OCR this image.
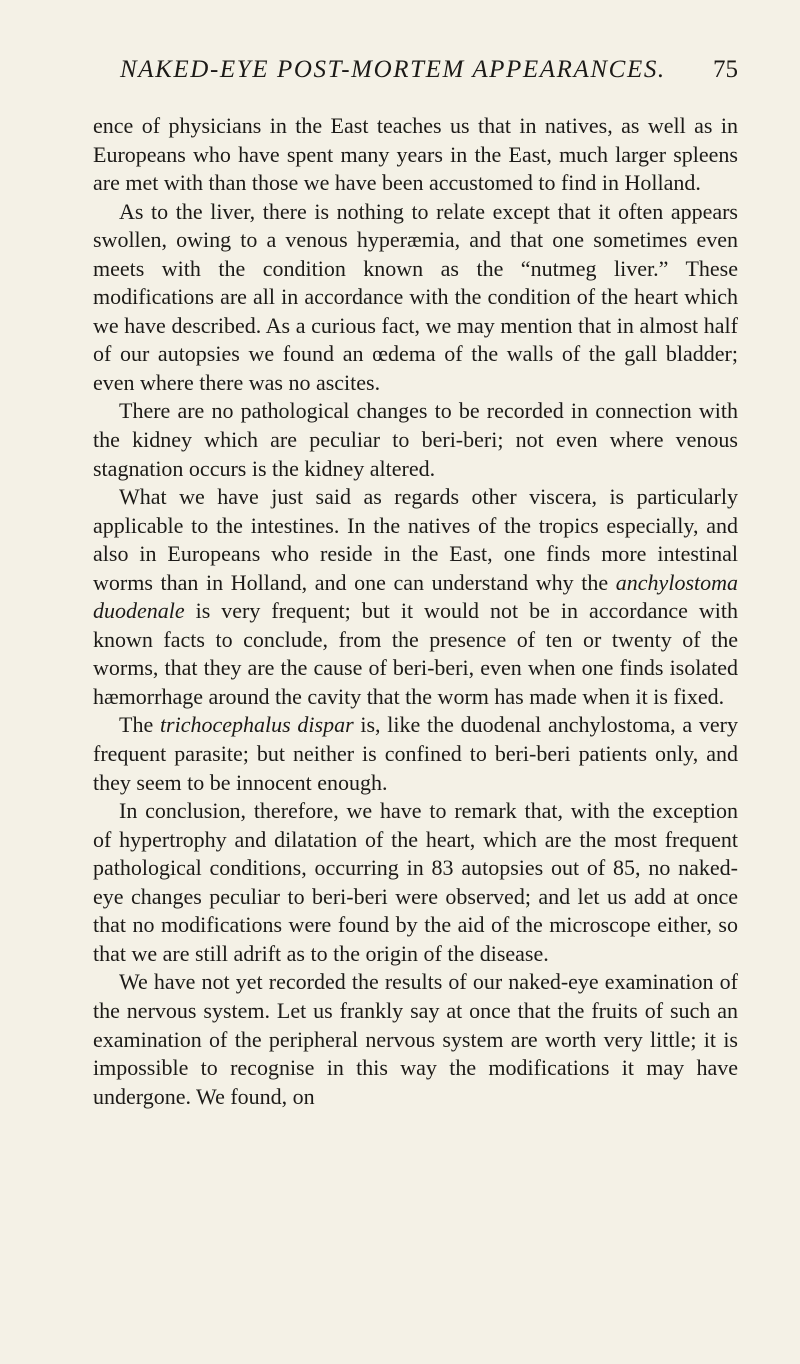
NAKED-EYE POST-MORTEM APPEARANCES. 75

ence of physicians in the East teaches us that in natives, as well as in Europeans who have spent many years in the East, much larger spleens are met with than those we have been accustomed to find in Holland.

As to the liver, there is nothing to relate except that it often appears swollen, owing to a venous hyperæmia, and that one sometimes even meets with the condition known as the “nutmeg liver.” These modifications are all in accordance with the condition of the heart which we have described. As a curious fact, we may mention that in almost half of our autopsies we found an œdema of the walls of the gall bladder; even where there was no ascites.

There are no pathological changes to be recorded in connection with the kidney which are peculiar to beri-beri; not even where venous stagnation occurs is the kidney altered.

What we have just said as regards other viscera, is particularly applicable to the intestines. In the natives of the tropics especially, and also in Europeans who reside in the East, one finds more intestinal worms than in Holland, and one can understand why the anchylostoma duodenale is very frequent; but it would not be in accordance with known facts to conclude, from the presence of ten or twenty of the worms, that they are the cause of beri-beri, even when one finds isolated hæmorrhage around the cavity that the worm has made when it is fixed.

The trichocephalus dispar is, like the duodenal anchylostoma, a very frequent parasite; but neither is confined to beri-beri patients only, and they seem to be innocent enough.

In conclusion, therefore, we have to remark that, with the exception of hypertrophy and dilatation of the heart, which are the most frequent pathological conditions, occurring in 83 autopsies out of 85, no naked-eye changes peculiar to beri-beri were observed; and let us add at once that no modifications were found by the aid of the microscope either, so that we are still adrift as to the origin of the disease.

We have not yet recorded the results of our naked-eye examination of the nervous system. Let us frankly say at once that the fruits of such an examination of the peripheral nervous system are worth very little; it is impossible to recognise in this way the modifications it may have undergone. We found, on
